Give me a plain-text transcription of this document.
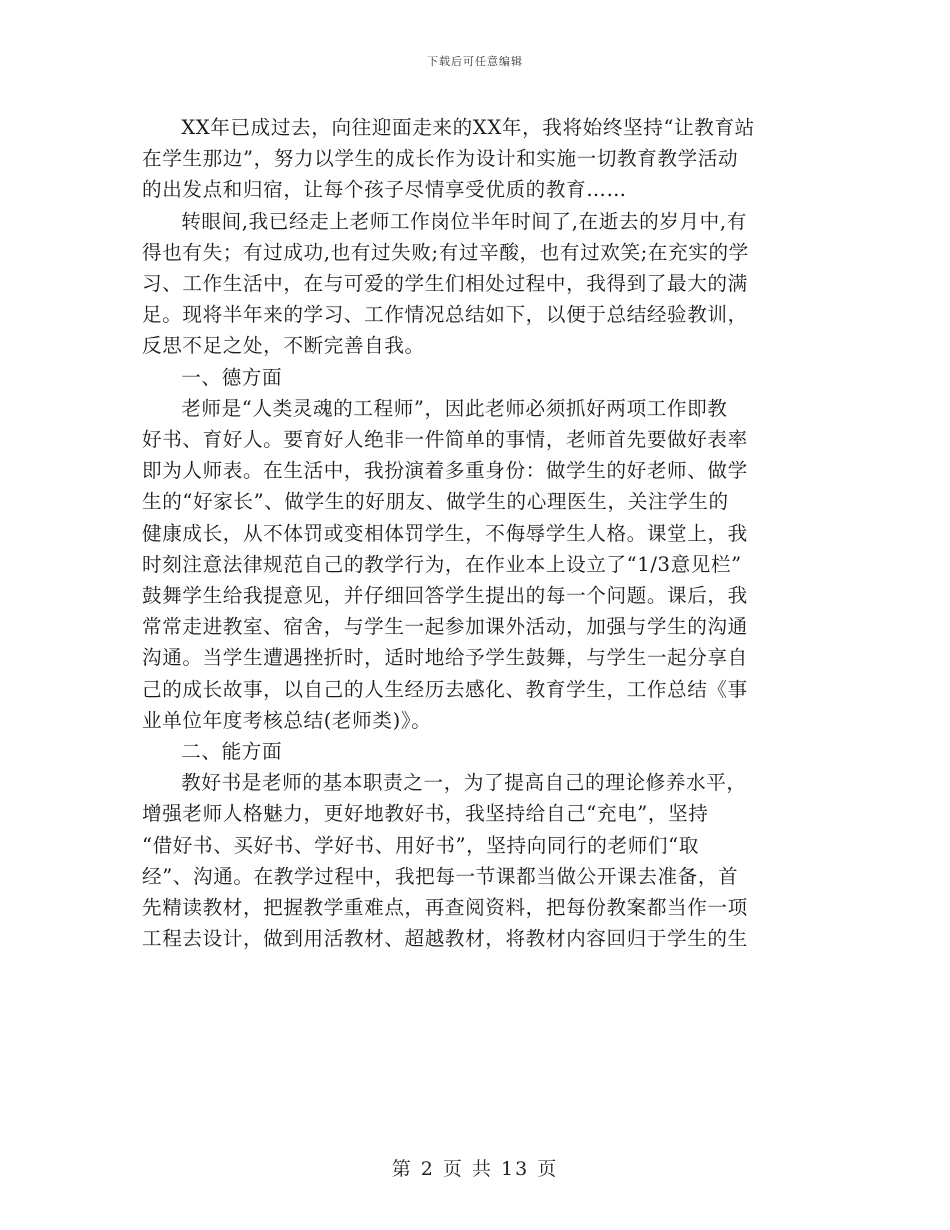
下载后可任意编辑

XX年已成过去，向往迎面走来的XX年，我将始终坚持“让教育站
在学生那边”，努力以学生的成长作为设计和实施一切教育教学活动
的出发点和归宿，让每个孩子尽情享受优质的教育……

转眼间,我已经走上老师工作岗位半年时间了,在逝去的岁月中,有
得也有失；有过成功,也有过失败;有过辛酸，也有过欢笑;在充实的学
习、工作生活中，在与可爱的学生们相处过程中，我得到了最大的满
足。现将半年来的学习、工作情况总结如下，以便于总结经验教训，
反思不足之处，不断完善自我。

一、德方面

老师是“人类灵魂的工程师”，因此老师必须抓好两项工作即教
好书、育好人。要育好人绝非一件简单的事情，老师首先要做好表率
即为人师表。在生活中，我扮演着多重身份：做学生的好老师、做学
生的“好家长”、做学生的好朋友、做学生的心理医生，关注学生的
健康成长，从不体罚或变相体罚学生，不侮辱学生人格。课堂上，我
时刻注意法律规范自己的教学行为，在作业本上设立了“1/3意见栏”
鼓舞学生给我提意见，并仔细回答学生提出的每一个问题。课后，我
常常走进教室、宿舍，与学生一起参加课外活动，加强与学生的沟通
沟通。当学生遭遇挫折时，适时地给予学生鼓舞，与学生一起分享自
己的成长故事，以自己的人生经历去感化、教育学生，工作总结《事
业单位年度考核总结(老师类)》。

二、能方面

教好书是老师的基本职责之一，为了提高自己的理论修养水平，
增强老师人格魅力，更好地教好书，我坚持给自己“充电”，坚持
“借好书、买好书、学好书、用好书”，坚持向同行的老师们“取
经”、沟通。在教学过程中，我把每一节课都当做公开课去准备，首
先精读教材，把握教学重难点，再查阅资料，把每份教案都当作一项
工程去设计，做到用活教材、超越教材，将教材内容回归于学生的生

第 2 页 共 13 页
